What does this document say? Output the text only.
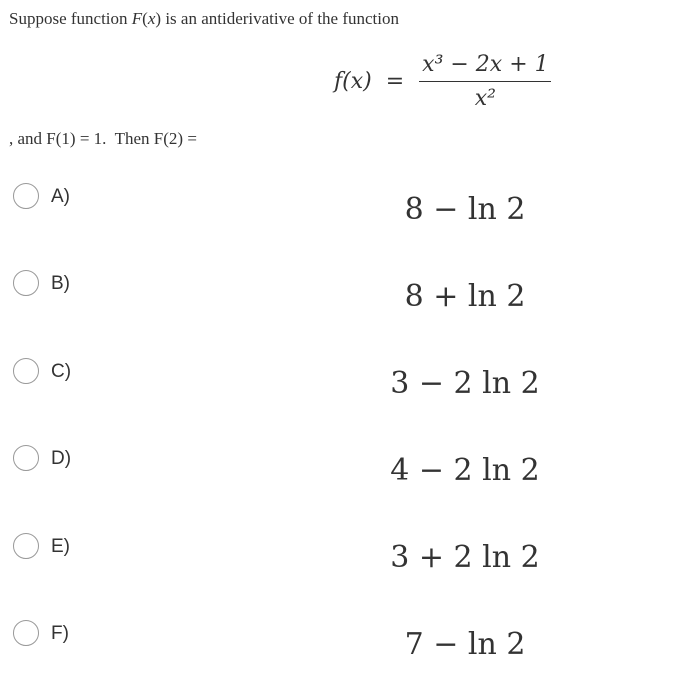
Suppose function F(x) is an antiderivative of the function
$f(x) = \frac{\text{x³ − 2x + 1}}{\text{x²}}$
, and F(1) = 1.  Then F(2) =
A)	8 − ln 2
B)	8 + ln 2
C)	3 − 2 ln 2
D)	4 − 2 ln 2
E)	3 + 2 ln 2
F)	7 − ln 2
